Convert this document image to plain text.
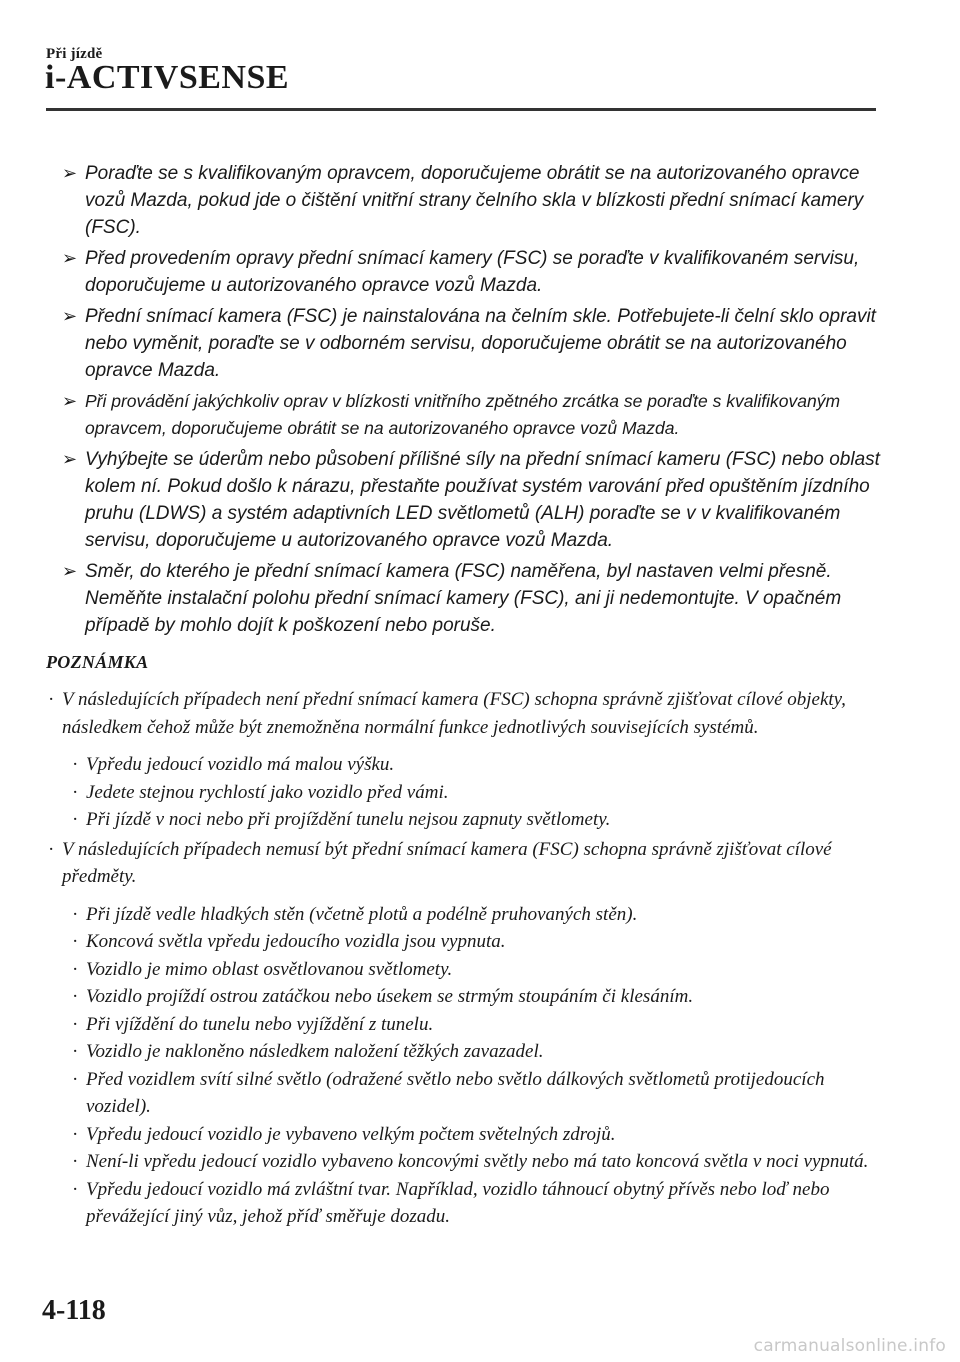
Při jízdě
i-ACTIVSENSE
➢ Poraďte se s kvalifikovaným opravcem, doporučujeme obrátit se na autorizovaného opravce vozů Mazda, pokud jde o čištění vnitřní strany čelního skla v blízkosti přední snímací kamery (FSC).
➢ Před provedením opravy přední snímací kamery (FSC) se poraďte v kvalifikovaném servisu, doporučujeme u autorizovaného opravce vozů Mazda.
➢ Přední snímací kamera (FSC) je nainstalována na čelním skle. Potřebujete-li čelní sklo opravit nebo vyměnit, poraďte se v odborném servisu, doporučujeme obrátit se na autorizovaného opravce Mazda.
➢ Při provádění jakýchkoliv oprav v blízkosti vnitřního zpětného zrcátka se poraďte s kvalifikovaným opravcem, doporučujeme obrátit se na autorizovaného opravce vozů Mazda.
➢ Vyhýbejte se úderům nebo působení přílišné síly na přední snímací kameru (FSC) nebo oblast kolem ní. Pokud došlo k nárazu, přestaňte používat systém varování před opuštěním jízdního pruhu (LDWS) a systém adaptivních LED světlometů (ALH) poraďte se v v kvalifikovaném servisu, doporučujeme u autorizovaného opravce vozů Mazda.
➢ Směr, do kterého je přední snímací kamera (FSC) naměřena, byl nastaven velmi přesně. Neměňte instalační polohu přední snímací kamery (FSC), ani ji nedemontujte. V opačném případě by mohlo dojít k poškození nebo poruše.
POZNÁMKA
· V následujících případech není přední snímací kamera (FSC) schopna správně zjišťovat cílové objekty, následkem čehož může být znemožněna normální funkce jednotlivých souvisejících systémů.
· Vpředu jedoucí vozidlo má malou výšku.
· Jedete stejnou rychlostí jako vozidlo před vámi.
· Při jízdě v noci nebo při projíždění tunelu nejsou zapnuty světlomety.
· V následujících případech nemusí být přední snímací kamera (FSC) schopna správně zjišťovat cílové předměty.
· Při jízdě vedle hladkých stěn (včetně plotů a podélně pruhovaných stěn).
· Koncová světla vpředu jedoucího vozidla jsou vypnuta.
· Vozidlo je mimo oblast osvětlovanou světlomety.
· Vozidlo projíždí ostrou zatáčkou nebo úsekem se strmým stoupáním či klesáním.
· Při vjíždění do tunelu nebo vyjíždění z tunelu.
· Vozidlo je nakloněno následkem naložení těžkých zavazadel.
· Před vozidlem svítí silné světlo (odražené světlo nebo světlo dálkových světlometů protijedoucích vozidel).
· Vpředu jedoucí vozidlo je vybaveno velkým počtem světelných zdrojů.
· Není-li vpředu jedoucí vozidlo vybaveno koncovými světly nebo má tato koncová světla v noci vypnutá.
· Vpředu jedoucí vozidlo má zvláštní tvar. Například, vozidlo táhnoucí obytný přívěs nebo loď nebo převážející jiný vůz, jehož příď směřuje dozadu.
4-118
carmanualsonline.info
